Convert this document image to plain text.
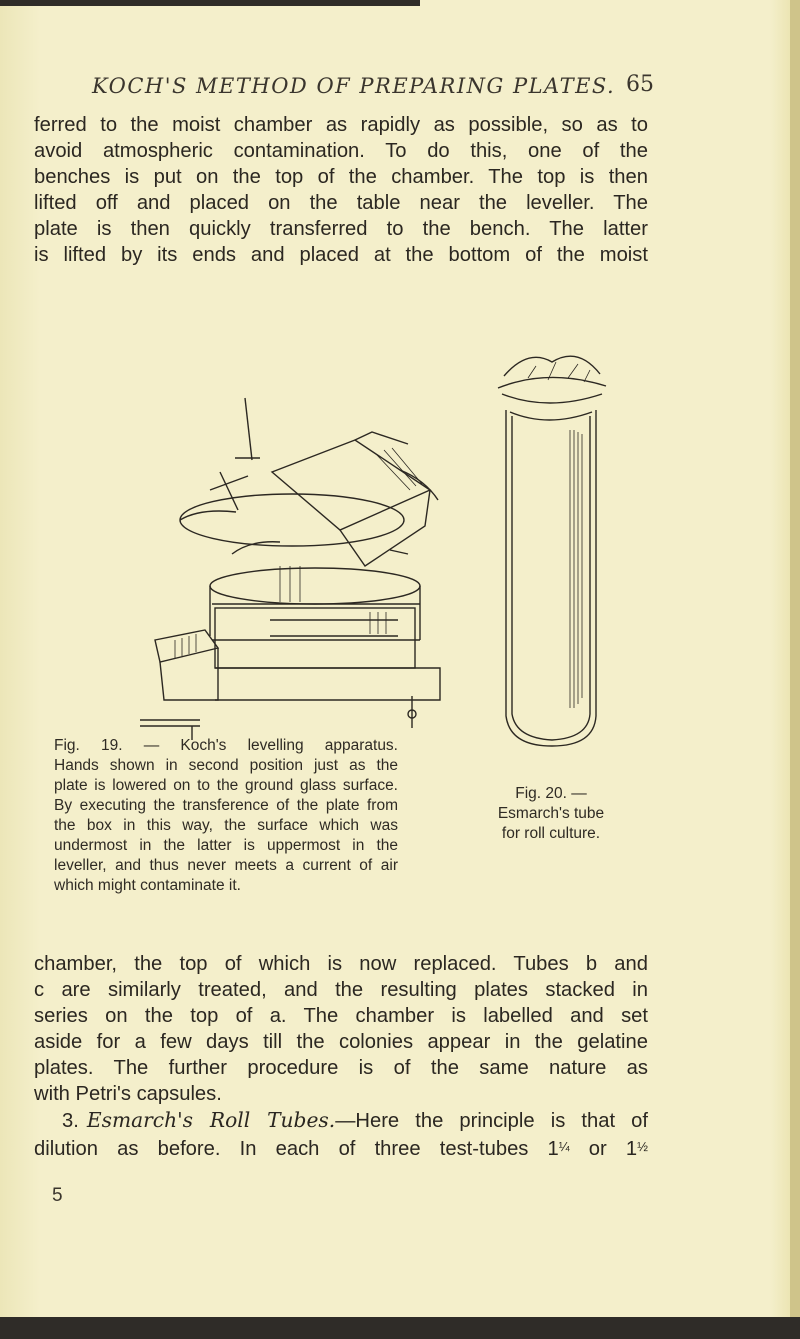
KOCH'S METHOD OF PREPARING PLATES. 65

ferred to the moist chamber as rapidly as possible, so as to
avoid atmospheric contamination. To do this, one of the
benches is put on the top of the chamber. The top is then
lifted off and placed on the table near the leveller. The
plate is then quickly transferred to the bench. The latter
is lifted by its ends and placed at the bottom of the moist

Fig. 19. — Koch's levelling apparatus.
Hands shown in second position just as the
plate is lowered on to the ground glass surface.
By executing the transference of the plate from
the box in this way, the surface which was
undermost in the latter is uppermost in the
leveller, and thus never meets a current of air
which might contaminate it.

Fig. 20. —
Esmarch's tube
for roll culture.

chamber, the top of which is now replaced. Tubes b and
c are similarly treated, and the resulting plates stacked in
series on the top of a. The chamber is labelled and set
aside for a few days till the colonies appear in the gelatine
plates. The further procedure is of the same nature as
with Petri's capsules.
3. Esmarch's Roll Tubes.—Here the principle is that of
dilution as before. In each of three test-tubes 1¼ or 1½

5
